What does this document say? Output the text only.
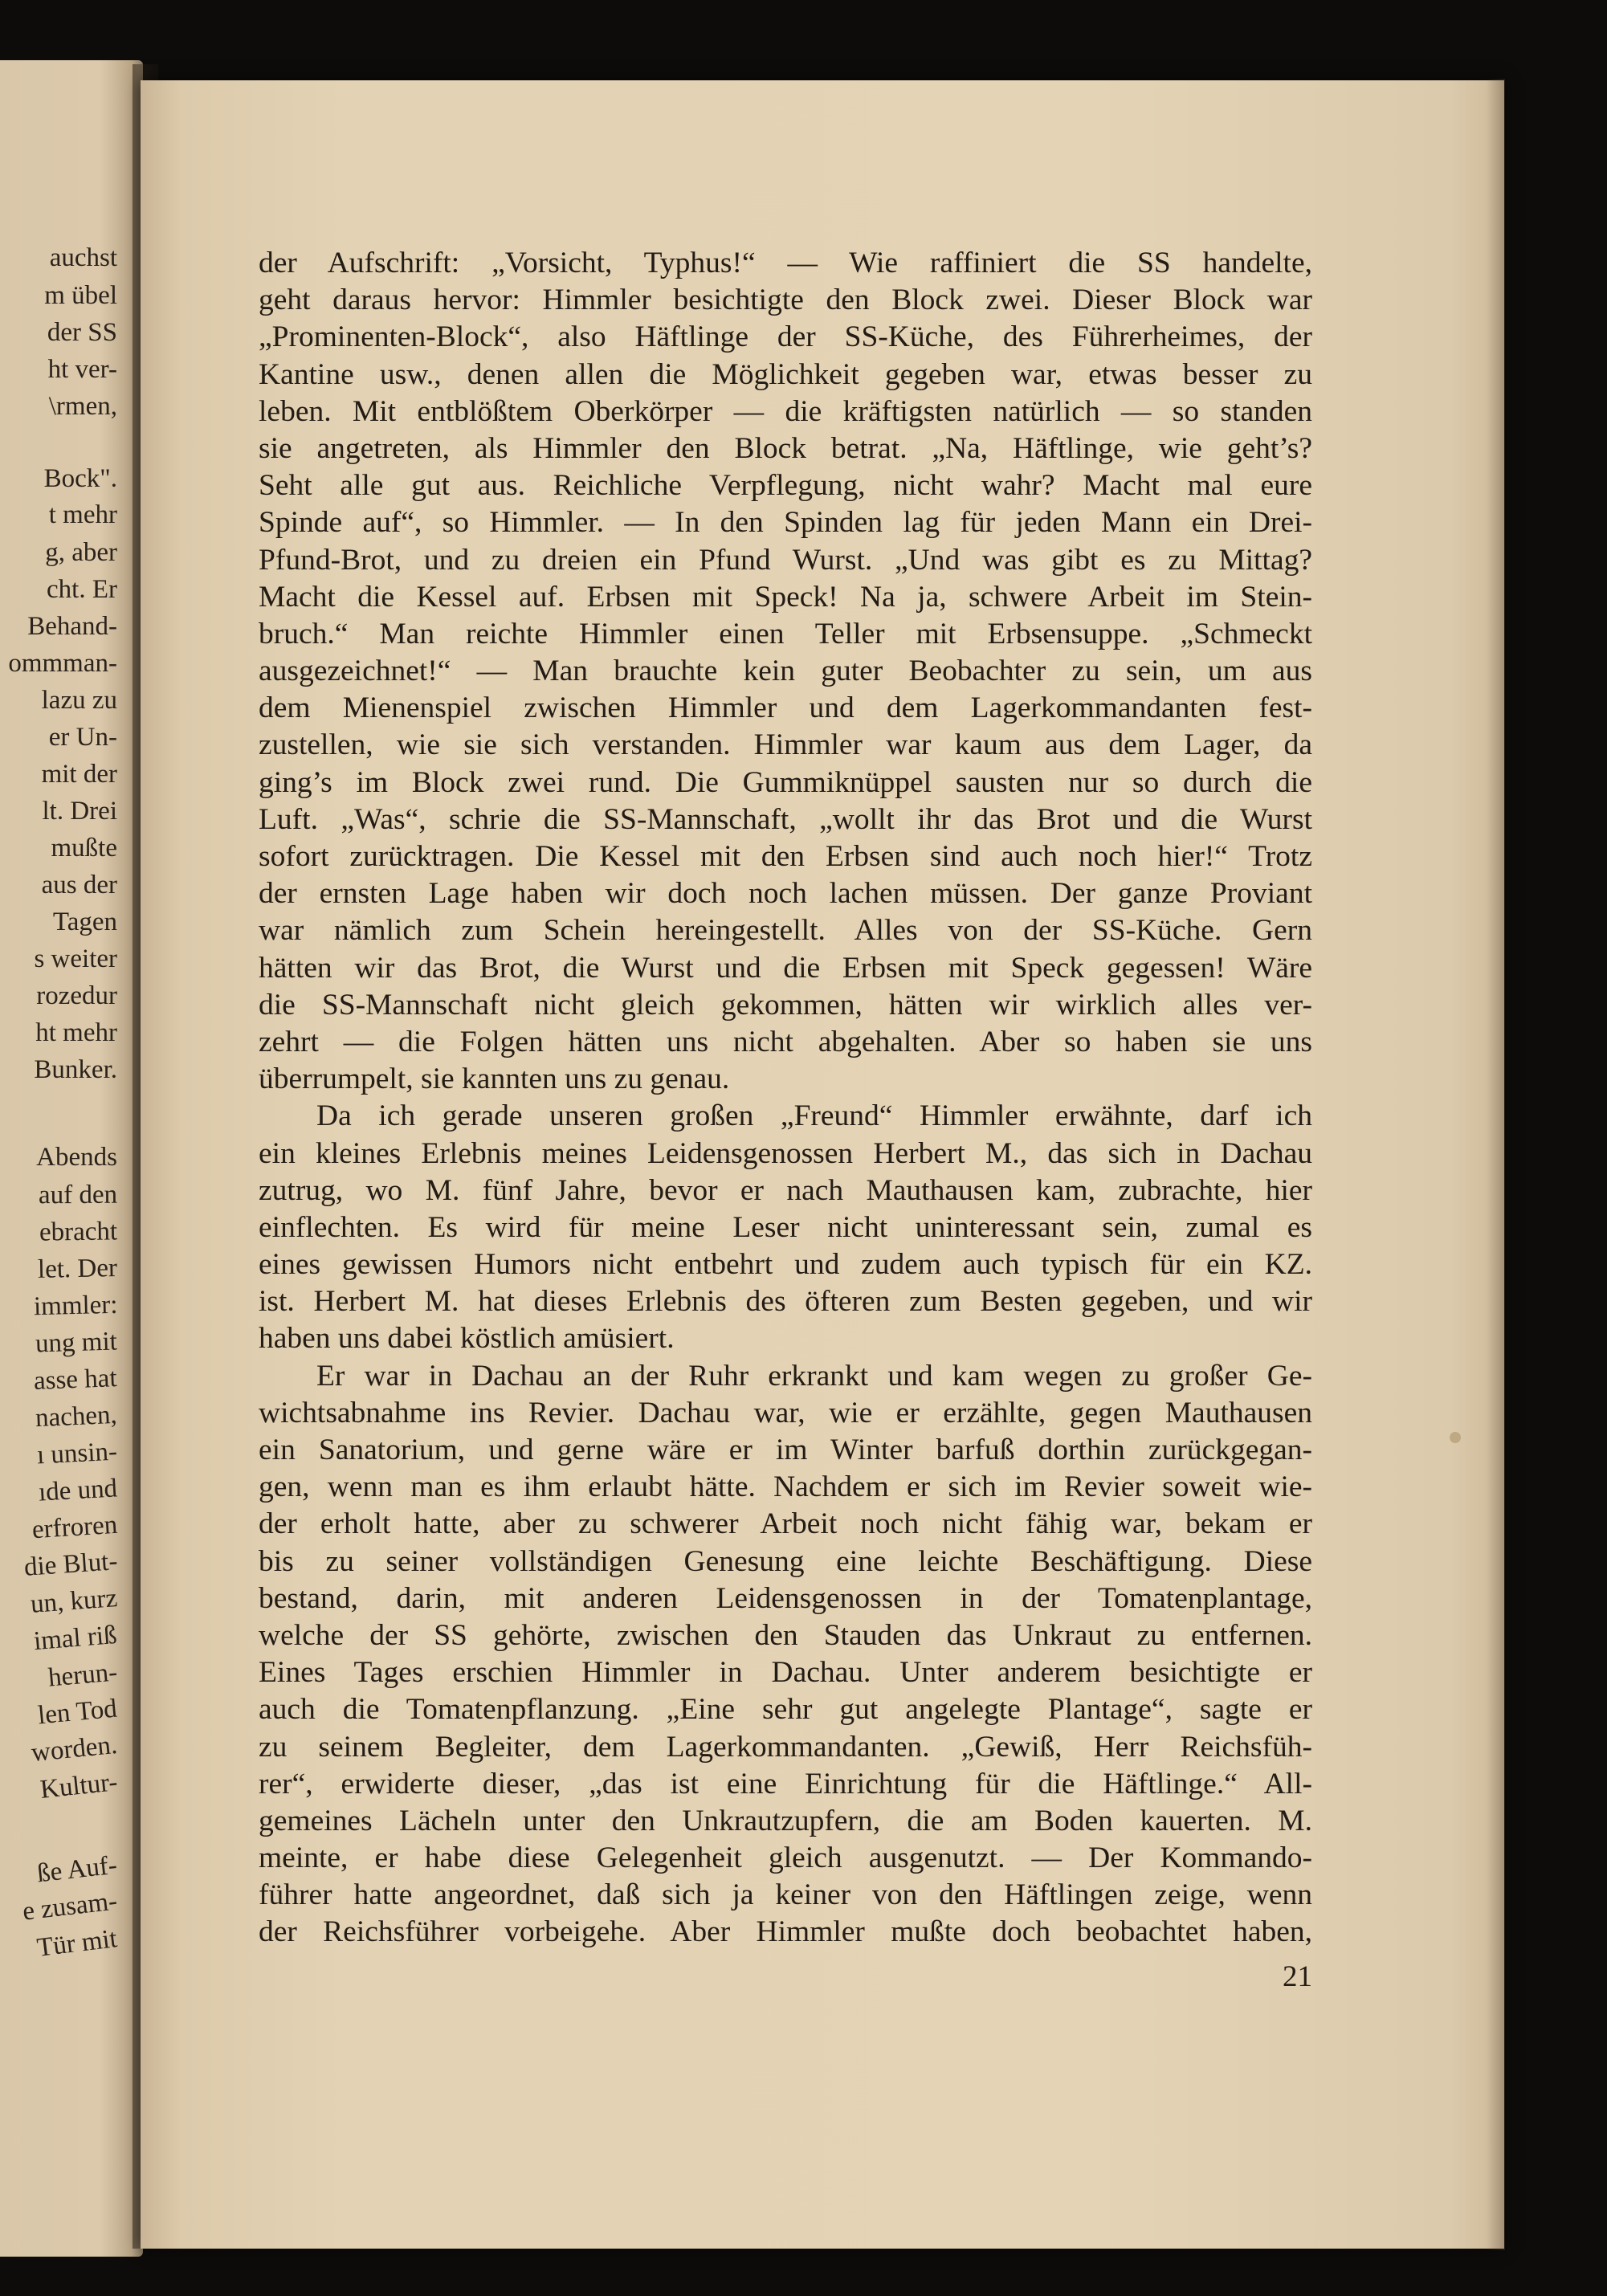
auchst
m übel
der SS
ht ver-
\rmen,
Bock".
t mehr
g, aber
cht. Er
Behand-
ommman-
lazu zu
er Un-
mit der
lt. Drei
mußte
aus der
Tagen
s weiter
rozedur
ht mehr
Bunker.
Abends
auf den
ebracht
let. Der
immler:
ung mit
asse hat
nachen,
ı unsin-
ıde und
erfroren
die Blut-
un, kurz
imal riß
herun-
len Tod
worden.
Kultur-
ße Auf-
e zusam-
Tür mit
der Aufschrift: „Vorsicht, Typhus!“ — Wie raffiniert die SS handelte,
geht daraus hervor: Himmler besichtigte den Block zwei. Dieser Block war
„Prominenten-Block“, also Häftlinge der SS-Küche, des Führerheimes, der
Kantine usw., denen allen die Möglichkeit gegeben war, etwas besser zu
leben. Mit entblößtem Oberkörper — die kräftigsten natürlich — so standen
sie angetreten, als Himmler den Block betrat. „Na, Häftlinge, wie geht’s?
Seht alle gut aus. Reichliche Verpflegung, nicht wahr? Macht mal eure
Spinde auf“, so Himmler. — In den Spinden lag für jeden Mann ein Drei-
Pfund-Brot, und zu dreien ein Pfund Wurst. „Und was gibt es zu Mittag?
Macht die Kessel auf. Erbsen mit Speck! Na ja, schwere Arbeit im Stein-
bruch.“ Man reichte Himmler einen Teller mit Erbsensuppe. „Schmeckt
ausgezeichnet!“ — Man brauchte kein guter Beobachter zu sein, um aus
dem Mienenspiel zwischen Himmler und dem Lagerkommandanten fest-
zustellen, wie sie sich verstanden. Himmler war kaum aus dem Lager, da
ging’s im Block zwei rund. Die Gummiknüppel sausten nur so durch die
Luft. „Was“, schrie die SS-Mannschaft, „wollt ihr das Brot und die Wurst
sofort zurücktragen. Die Kessel mit den Erbsen sind auch noch hier!“ Trotz
der ernsten Lage haben wir doch noch lachen müssen. Der ganze Proviant
war nämlich zum Schein hereingestellt. Alles von der SS-Küche. Gern
hätten wir das Brot, die Wurst und die Erbsen mit Speck gegessen! Wäre
die SS-Mannschaft nicht gleich gekommen, hätten wir wirklich alles ver-
zehrt — die Folgen hätten uns nicht abgehalten. Aber so haben sie uns
überrumpelt, sie kannten uns zu genau.
Da ich gerade unseren großen „Freund“ Himmler erwähnte, darf ich
ein kleines Erlebnis meines Leidensgenossen Herbert M., das sich in Dachau
zutrug, wo M. fünf Jahre, bevor er nach Mauthausen kam, zubrachte, hier
einflechten. Es wird für meine Leser nicht uninteressant sein, zumal es
eines gewissen Humors nicht entbehrt und zudem auch typisch für ein KZ.
ist. Herbert M. hat dieses Erlebnis des öfteren zum Besten gegeben, und wir
haben uns dabei köstlich amüsiert.
Er war in Dachau an der Ruhr erkrankt und kam wegen zu großer Ge-
wichtsabnahme ins Revier. Dachau war, wie er erzählte, gegen Mauthausen
ein Sanatorium, und gerne wäre er im Winter barfuß dorthin zurückgegan-
gen, wenn man es ihm erlaubt hätte. Nachdem er sich im Revier soweit wie-
der erholt hatte, aber zu schwerer Arbeit noch nicht fähig war, bekam er
bis zu seiner vollständigen Genesung eine leichte Beschäftigung. Diese
bestand, darin, mit anderen Leidensgenossen in der Tomatenplantage,
welche der SS gehörte, zwischen den Stauden das Unkraut zu entfernen.
Eines Tages erschien Himmler in Dachau. Unter anderem besichtigte er
auch die Tomatenpflanzung. „Eine sehr gut angelegte Plantage“, sagte er
zu seinem Begleiter, dem Lagerkommandanten. „Gewiß, Herr Reichsfüh-
rer“, erwiderte dieser, „das ist eine Einrichtung für die Häftlinge.“ All-
gemeines Lächeln unter den Unkrautzupfern, die am Boden kauerten. M.
meinte, er habe diese Gelegenheit gleich ausgenutzt. — Der Kommando-
führer hatte angeordnet, daß sich ja keiner von den Häftlingen zeige, wenn
der Reichsführer vorbeigehe. Aber Himmler mußte doch beobachtet haben,
21
